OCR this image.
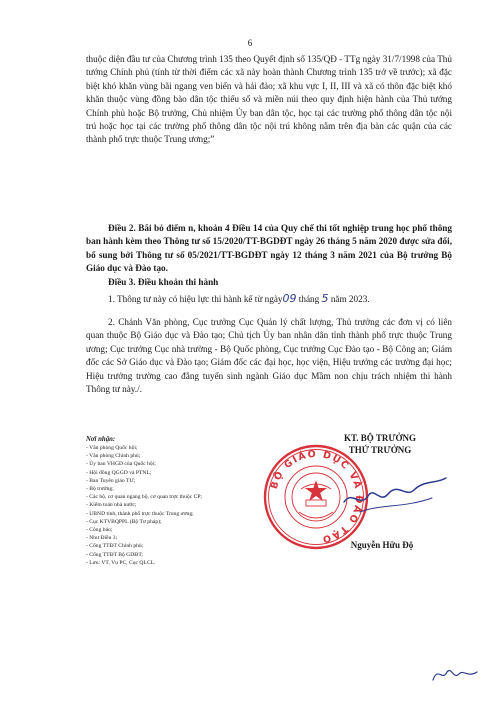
6
thuộc diện đầu tư của Chương trình 135 theo Quyết định số 135/QĐ - TTg ngày 31/7/1998 của Thủ tướng Chính phủ (tính từ thời điểm các xã này hoàn thành Chương trình 135 trở về trước); xã đặc biệt khó khăn vùng bãi ngang ven biển và hải đảo; xã khu vực I, II, III và xã có thôn đặc biệt khó khăn thuộc vùng đồng bào dân tộc thiểu số và miền núi theo quy định hiện hành của Thủ tướng Chính phủ hoặc Bộ trưởng, Chủ nhiệm Ủy ban dân tộc, học tại các trường phổ thông dân tộc nội trú hoặc học tại các trường phổ thông dân tộc nội trú không nằm trên địa bàn các quận của các thành phố trực thuộc Trung ương;”
Điều 2. Bãi bỏ điểm n, khoản 4 Điều 14 của Quy chế thi tốt nghiệp trung học phổ thông ban hành kèm theo Thông tư số 15/2020/TT-BGDĐT ngày 26 tháng 5 năm 2020 được sửa đổi, bổ sung bởi Thông tư số 05/2021/TT-BGDĐT ngày 12 tháng 3 năm 2021 của Bộ trưởng Bộ Giáo dục và Đào tạo.
Điều 3. Điều khoản thi hành
1. Thông tư này có hiệu lực thi hành kể từ ngày09 tháng 5 năm 2023.
2. Chánh Văn phòng, Cục trưởng Cục Quản lý chất lượng, Thủ trưởng các đơn vị có liên quan thuộc Bộ Giáo dục và Đào tạo; Chủ tịch Ủy ban nhân dân tỉnh thành phố trực thuộc Trung ương; Cục trưởng Cục nhà trường - Bộ Quốc phòng, Cục trưởng Cục Đào tạo - Bộ Công an; Giám đốc các Sở Giáo dục và Đào tạo; Giám đốc các đại học, học viện, Hiệu trưởng các trường đại học; Hiệu trưởng trường cao đẳng tuyển sinh ngành Giáo dục Mầm non chịu trách nhiệm thi hành Thông tư này./.
Nơi nhận:
- Văn phòng Quốc hội;
- Văn phòng Chính phủ;
- Ủy ban VHGD của Quốc hội;
- Hội đồng QGGD và PTNL;
- Ban Tuyên giáo TƯ;
- Bộ trưởng;
- Các bộ, cơ quan ngang bộ, cơ quan trực thuộc CP;
- Kiểm toán nhà nước;
- UBND tỉnh, thành phố trực thuộc Trung ương;
- Cục KTVBQPPL (Bộ Tư pháp);
- Công báo;
- Như Điều 3;
- Cổng TTĐT Chính phủ;
- Cổng TTĐT Bộ GDĐT;
- Lưu: VT, Vụ PC, Cục QLCL.
KT. BỘ TRƯỞNG
THỨ TRƯỞNG
BỘ GIÁO DỤC VÀ ĐÀO TẠO
Nguyễn Hữu Độ
